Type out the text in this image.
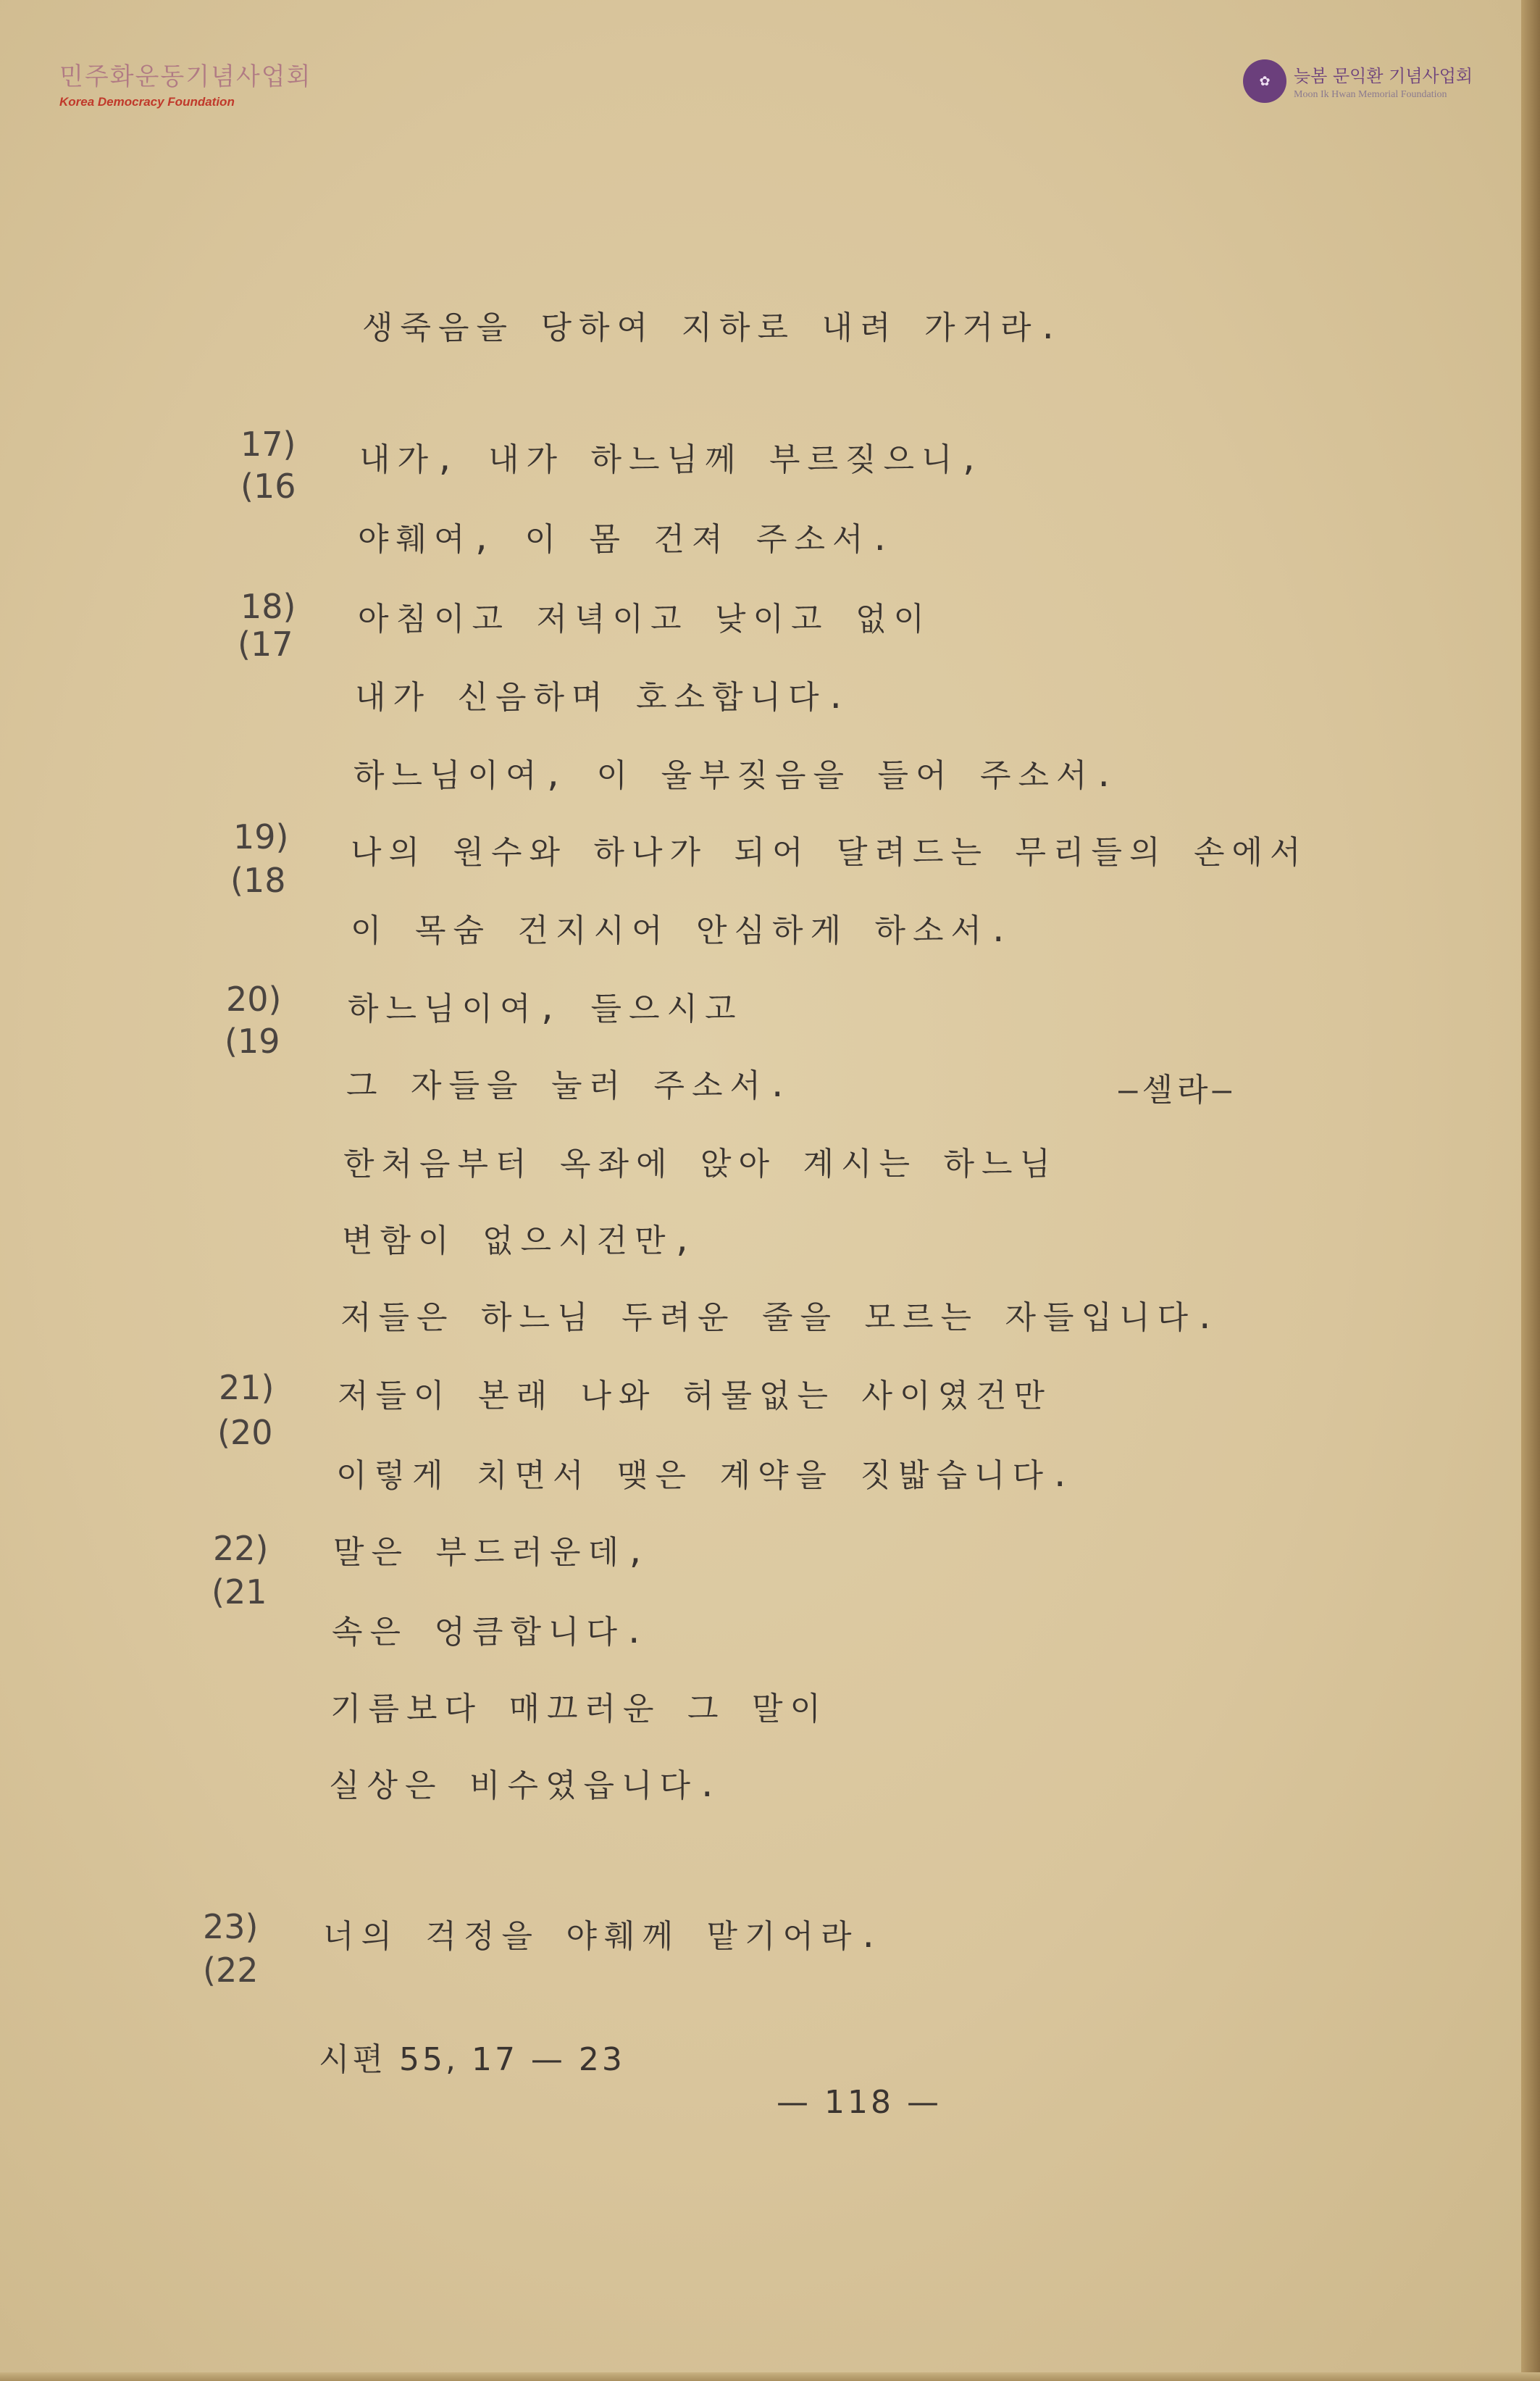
민주화운동기념사업회
Korea Democracy Foundation
✿	늦봄 문익환 기념사업회
Moon Ik Hwan Memorial Foundation
17)
(16
18)
(17
19)
(18
20)
(19
21)
(20
22)
(21
23)
(22
생죽음을 당하여 지하로 내려 가거라.
내가, 내가 하느님께 부르짖으니,
야훼여, 이 몸 건져 주소서.
아침이고 저녁이고 낮이고 없이
내가 신음하며 호소합니다.
하느님이여, 이 울부짖음을 들어 주소서.
나의 원수와 하나가 되어 달려드는 무리들의 손에서
이 목숨 건지시어 안심하게 하소서.
하느님이여, 들으시고
그 자들을 눌러 주소서.	—셀라—
한처음부터 옥좌에 앉아 계시는 하느님
변함이 없으시건만,
저들은 하느님 두려운 줄을 모르는 자들입니다.
저들이 본래 나와 허물없는 사이였건만
이렇게 치면서 맺은 계약을 짓밟습니다.
말은 부드러운데,
속은 엉큼합니다.
기름보다 매끄러운 그 말이
실상은 비수였읍니다.
너의 걱정을 야훼께 맡기어라.
시편 55, 17 — 23
— 118 —
